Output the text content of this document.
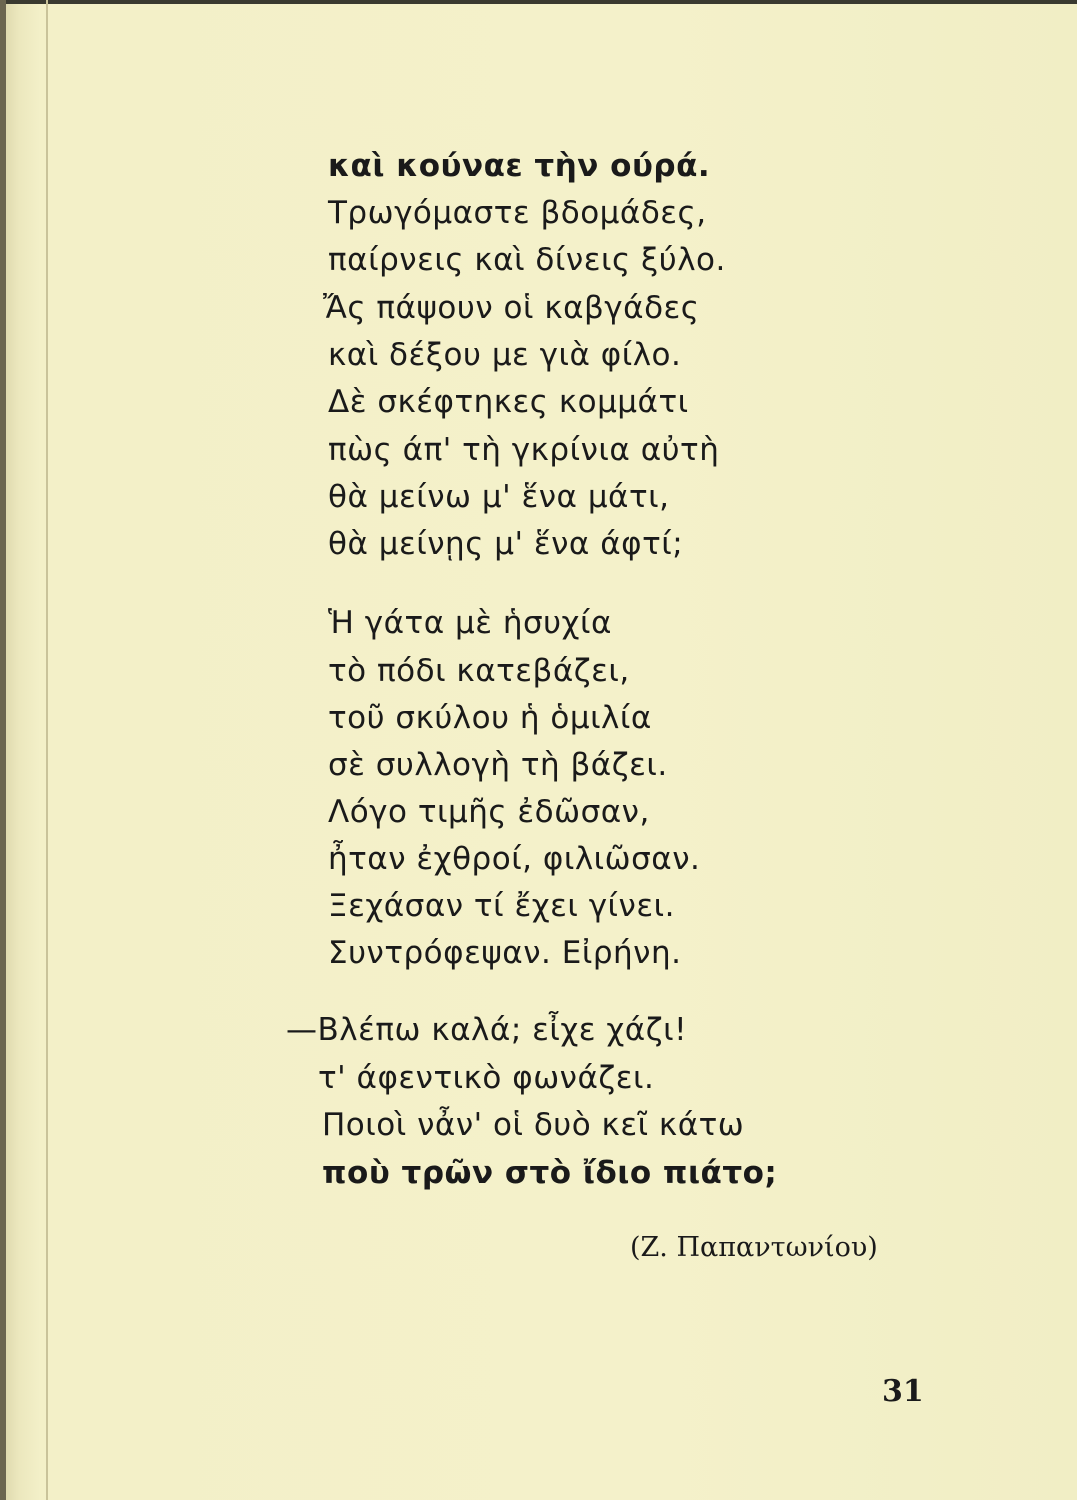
καὶ κούναε τὴν ούρά.
Τρωγόμαστε βδομάδες,
παίρνεις καὶ δίνεις ξύλο.
Ἄς πάψουν οἱ καβγάδες
καὶ δέξου με γιὰ φίλο.
Δὲ σκέφτηκες κομμάτι
πὼς άπ' τὴ γκρίνια αὐτὴ
θὰ μείνω μ' ἕνα μάτι,
θὰ μείνῃς μ' ἕνα άφτί;
Ἡ γάτα μὲ ἡσυχία
τὸ πόδι κατεβάζει,
τοῦ σκύλου ἡ ὁμιλία
σὲ συλλογὴ τὴ βάζει.
Λόγο τιμῆς ἐδῶσαν,
ἦταν ἐχθροί, φιλιῶσαν.
Ξεχάσαν τί ἔχει γίνει.
Συντρόφεψαν. Εἰρήνη.
—Βλέπω καλά; εἶχε χάζι!
τ' άφεντικὸ φωνάζει.
Ποιοὶ νἆν' οἱ δυὸ κεῖ κάτω
ποὺ τρῶν στὸ ἴδιο πιάτο;
(Ζ. Παπαντωνίου)
31
